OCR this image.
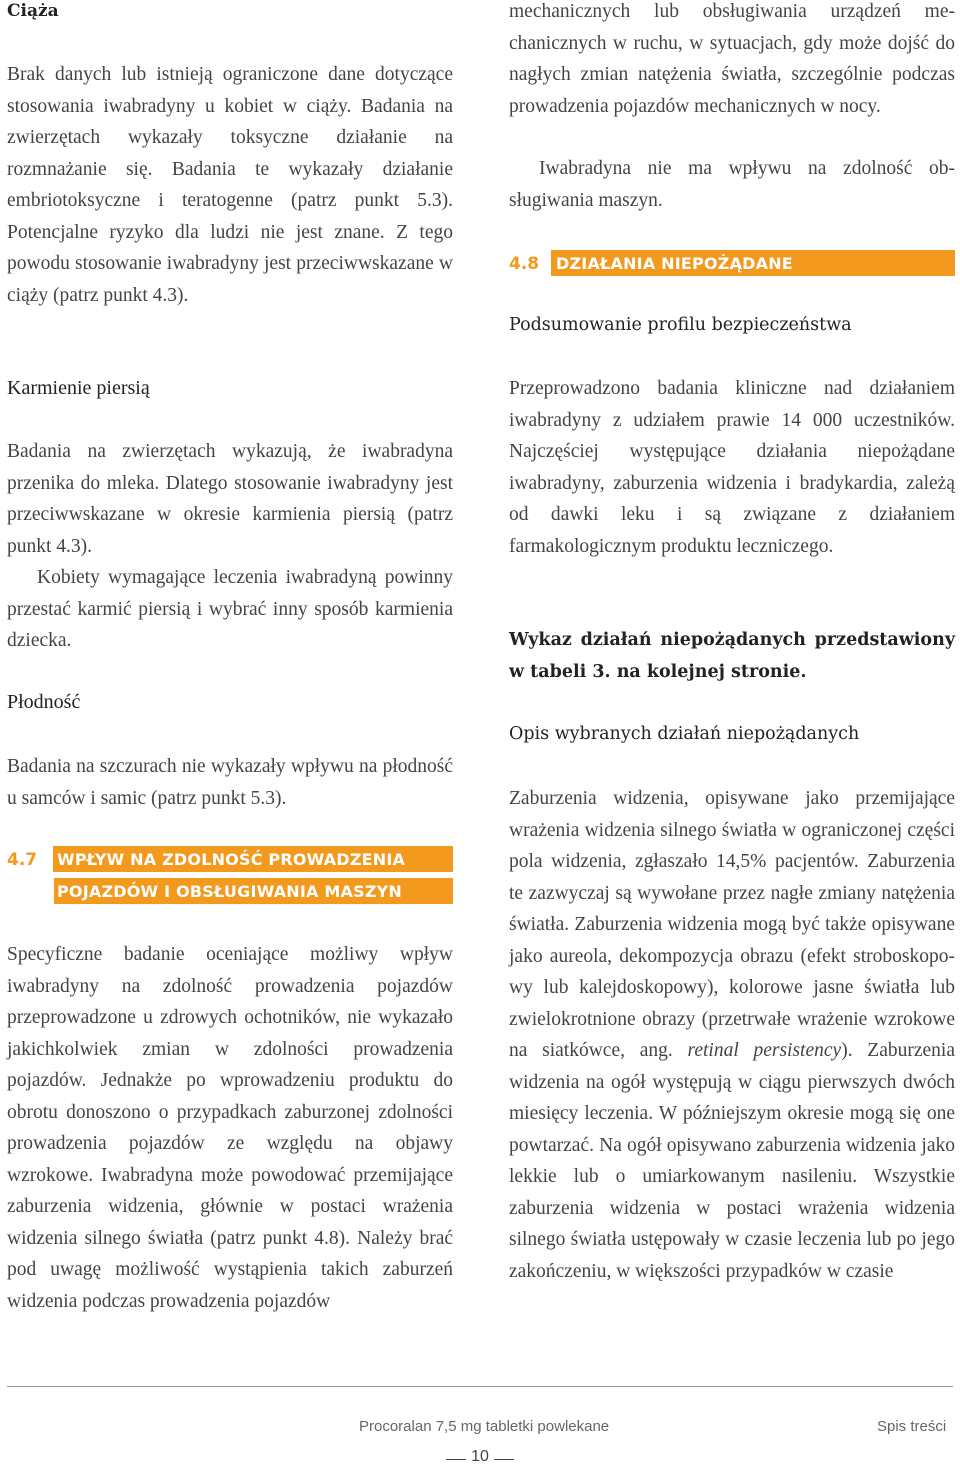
Ciąża

Brak danych lub istnieją ograniczone dane dotyczące stosowania iwabradyny u kobiet w ciąży. Badania na zwierzętach wykazały toksyczne działanie na rozmnażanie się. Badania te wykazały działanie embriotoksyczne i teratogenne (patrz punkt 5.3). Potencjalne ryzyko dla ludzi nie jest znane. Z tego powodu stosowanie iwabradyny jest przeciwwskazane w ciąży (patrz punkt 4.3).

Karmienie piersią

Badania na zwierzętach wykazują, że iwabradyna przenika do mleka. Dlatego stosowanie iwabradyny jest przeciwwskazane w okresie karmienia piersią (patrz punkt 4.3).

Kobiety wymagające leczenia iwabradyną powinny przestać karmić piersią i wybrać inny sposób karmienia dziecka.

Płodność

Badania na szczurach nie wykazały wpływu na płodność u samców i samic (patrz punkt 5.3).

4.7 WPŁYW NA ZDOLNOŚĆ PROWADZENIA
POJAZDÓW I OBSŁUGIWANIA MASZYN

Specyficzne badanie oceniające możliwy wpływ iwabradyny na zdolność prowadzenia pojazdów przeprowadzone u zdrowych ochotników, nie wykazało jakichkolwiek zmian w zdolności prowadzenia pojazdów. Jednakże po wprowadzeniu produktu do obrotu donoszono o przypadkach zaburzonej zdolności prowadzenia pojazdów ze względu na objawy wzrokowe. Iwabradyna może powodować przemijające zaburzenia widzenia, głównie w postaci wrażenia widzenia silnego światła (patrz punkt 4.8). Należy brać pod uwagę możliwość wystąpienia takich zaburzeń widzenia podczas prowadzenia pojazdów

mechanicznych lub obsługiwania urządzeń mechanicznych w ruchu, w sytuacjach, gdy może dojść do nagłych zmian natężenia światła, szczególnie podczas prowadzenia pojazdów mechanicznych w nocy.

Iwabradyna nie ma wpływu na zdolność obsługiwania maszyn.

4.8 DZIAŁANIA NIEPOŻĄDANE
Podsumowanie profilu bezpieczeństwa

Przeprowadzono badania kliniczne nad działaniem iwabradyny z udziałem prawie 14 000 uczestników. Najczęściej występujące działania niepożądane iwabradyny, zaburzenia widzenia i bradykardia, zależą od dawki leku i są związane z działaniem farmakologicznym produktu leczniczego.

Wykaz działań niepożądanych przedstawiony w tabeli 3. na kolejnej stronie.

Opis wybranych działań niepożądanych

Zaburzenia widzenia, opisywane jako przemijające wrażenia widzenia silnego światła w ograniczonej części pola widzenia, zgłaszało 14,5% pacjentów. Zaburzenia te zazwyczaj są wywołane przez nagłe zmiany natężenia światła. Zaburzenia widzenia mogą być także opisywane jako aureola, dekompozycja obrazu (efekt stroboskopowy lub kalejdoskopowy), kolorowe jasne światła lub zwielokrotnione obrazy (przetrwałe wrażenie wzrokowe na siatkówce, ang. retinal persistency). Zaburzenia widzenia na ogół występują w ciągu pierwszych dwóch miesięcy leczenia. W późniejszym okresie mogą się one powtarzać. Na ogół opisywano zaburzenia widzenia jako lekkie lub o umiarkowanym nasileniu. Wszystkie zaburzenia widzenia w postaci wrażenia widzenia silnego światła ustępowały w czasie leczenia lub po jego zakończeniu, w większości przypadków w czasie

Procoralan 7,5 mg tabletki powlekane	Spis treści
10
